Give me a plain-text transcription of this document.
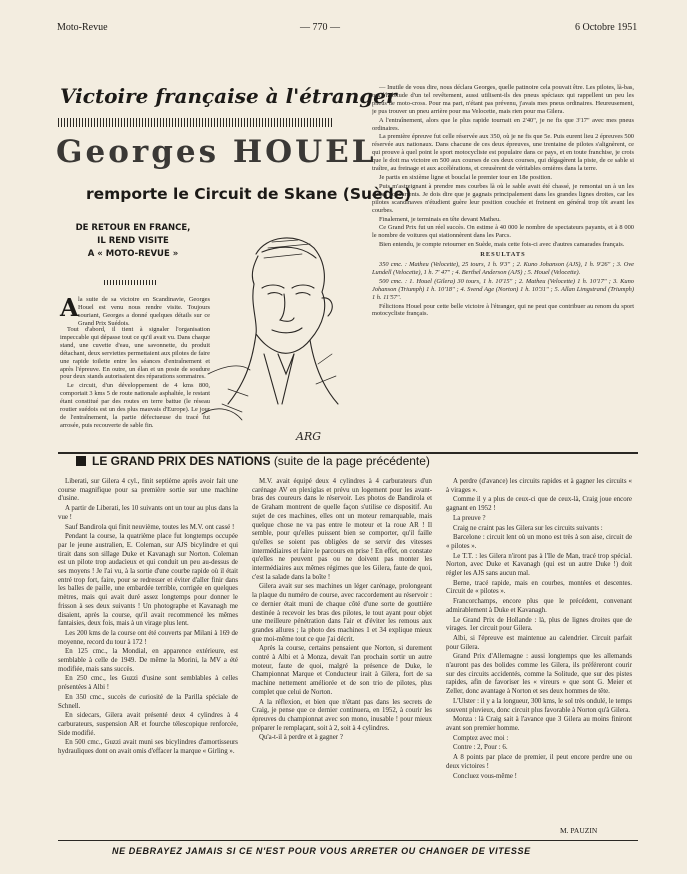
Moto-Revue	— 770 —	6 Octobre 1951
Victoire française à l'étranger
Georges HOUEL
remporte le Circuit de Skane (Suède)
DE RETOUR EN FRANCE,
IL REND VISITE
A « MOTO-REVUE »
ARG
A la suite de sa victoire en Scandinavie, Georges Houel est venu nous rendre visite. Toujours souriant, Georges a donné quelques détails sur ce Grand Prix Suédois.

Tout d'abord, il tient à signaler l'organisation impeccable qui dépasse tout ce qu'il avait vu. Dans chaque stand, une cuvette d'eau, une savonnette, du produit détachant, deux serviettes permettaient aux pilotes de faire une rapide toilette entre les séances d'entraînement et après l'épreuve. En outre, un élan et un poste de soudure pour deux stands autorisaient des réparations sommaires.

Le circuit, d'un développement de 4 kms 800, comportait 3 kms 5 de route nationale asphaltée, le restant étant constitué par des routes en terre battue (le réseau routier suédois est un des plus mauvais d'Europe). Le jour de l'entraînement, la partie défectueuse du tracé fut arrosée, puis recouverte de sable fin.

— Inutile de vous dire, nous déclara Georges, quelle patinoire cela pouvait être. Les pilotes, là-bas, ont l'habitude d'un tel revêtement, aussi utilisent-ils des pneus spéciaux qui rappellent un peu les pneus de moto-cross. Pour ma part, n'étant pas prévenu, j'avais mes pneus ordinaires. Heureusement, je pus trouver un pneu arrière pour ma Velocette, mais rien pour ma Gilera.

A l'entraînement, alors que le plus rapide tournait en 2'40", je ne fis que 3'17" avec mes pneus ordinaires.

La première épreuve fut celle réservée aux 350, où je ne fis que 5e. Puis eurent lieu 2 épreuves 500 réservée aux nationaux. Dans chacune de ces deux épreuves, une trentaine de pilotes s'alignèrent, ce qui prouve à quel point le sport motocycliste est populaire dans ce pays, et en toute franchise, je crois que le doit ma victoire en 500 aux courses de ces deux courses, qui dégagèrent la piste, de ce sable si traître, au freinage et aux accélérations, et creusèrent de véritables ornières dans la terre.

Je partis en sixième ligne et bouclai le premier tour en 18e position.

Puis m'astreignant à prendre mes courbes là où le sable avait été chassé, je remontai un à un les autres concurrents. Je dois dire que je gagnais principalement dans les grandes lignes droites, car les pilotes scandinaves n'étudient guère leur position couchée et freinent en général trop tôt avant les courbes.

Finalement, je terminais en tête devant Matheu.

Ce Grand Prix fut un réel succès. On estime à 40 000 le nombre de spectateurs payants, et à 8 000 le nombre de voitures qui stationnèrent dans les Parcs.

Bien entendu, je compte retourner en Suède, mais cette fois-ci avec d'autres camarades français.

RESULTATS

350 cmc. : Matheu (Velocette), 25 tours, 1 h. 9'3" ; 2. Kuno Johanson (AJS), 1 h. 9'26" ; 3. Ove Lundell (Velocette), 1 h. 7' 47" ; 4. Berthel Anderson (AJS) ; 5. Houel (Velocette).

500 cmc. : 1. Houel (Gilera) 30 tours, 1 h. 10'15" ; 2. Matheu (Velocette) 1 h. 10'17" ; 3. Kuno Johanson (Triumph) 1 h. 10'18" ; 4. Svend Age (Norton) 1 h. 10'31" ; 5. Allan Limgstrand (Triumph) 1 h. 11'57".

Félicitons Houel pour cette belle victoire à l'étranger, qui ne peut que contribuer au renom du sport motocycliste français.

LE GRAND PRIX DES NATIONS (suite de la page précédente)

Liberati, sur Gilera 4 cyl., finit septième après avoir fait une course magnifique pour sa première sortie sur une machine d'usine.

A partir de Liberati, les 10 suivants ont un tour au plus dans la vue !

Sauf Bandirola qui finit neuvième, toutes les M.V. ont cassé !

Pendant la course, la quatrième place fut longtemps occupée par le jeune australien, E. Coleman, sur AJS bicylindre et qui tirait dans son sillage Duke et Kavanagh sur Norton. Coleman est un pilote trop audacieux et qui conduit un peu au-dessus de ses moyens ! Je l'ai vu, à la sortie d'une courbe rapide où il était entré trop fort, faire, pour se redresser et éviter d'aller finir dans les balles de paille, une embardée terrible, corrigée en quelques mètres, mais qui avait duré assez longtemps pour donner le frisson à ses deux suivants ! Un photographe et Kavanagh me disaient, après la course, qu'il avait recommencé les mêmes fantaisies, deux fois, mais à un virage plus lent.

Les 200 kms de la course ont été couverts par Milani à 169 de moyenne, record du tour à 172 !

En 125 cmc., la Mondial, en apparence extérieure, est semblable à celle de 1949. De même la Morini, la MV a été modifiée, mais sans succès.

En 250 cmc., les Guzzi d'usine sont semblables à celles présentées à Albi !

En 350 cmc., succès de curiosité de la Parilla spéciale de Schnell.

En sidecars, Gilera avait présenté deux 4 cylindres à 4 carburateurs, suspension AR et fourche télescopique renforcée, Side modifié.

En 500 cmc., Guzzi avait muni ses bicylindres d'amortisseurs hydrauliques dont on avait omis d'effacer la marque « Girling ».

M.V. avait équipé deux 4 cylindres à 4 carburateurs d'un carénage AV en plexiglas et prévu un logement pour les avant-bras des coureurs dans le réservoir. Les photos de Bandirola et de Graham montrent de quelle façon s'utilise ce dispositif. Au sujet de ces machines, elles ont un moteur remarquable, mais quelque chose ne va pas entre le moteur et la roue AR ! Il semble, pour qu'elles puissent bien se comporter, qu'il faille qu'elles se soient pas obligées de se servir des vitesses intermédiaires et faire le parcours en prise ! En effet, on constate qu'elles ne peuvent pas ou ne doivent pas monter les intermédiaires aux mêmes régimes que les Gilera, faute de quoi, c'est la salade dans la boîte !

Gilera avait sur ses machines un léger carénage, prolongeant la plaque du numéro de course, avec raccordement au réservoir : ce dernier était muni de chaque côté d'une sorte de gouttière destinée à recevoir les bras des pilotes, le tout ayant pour objet une meilleure pénétration dans l'air et d'éviter les remous aux grandes allures ; la photo des machines 1 et 34 explique mieux que moi-même tout ce que j'ai décrit.

Après la course, certains pensaient que Norton, si durement contré à Albi et à Monza, devait l'an prochain sortir un autre moteur, faute de quoi, malgré la présence de Duke, le Championnat Marque et Conducteur irait à Gilera, fort de sa machine nettement améliorée et de son trio de pilotes, plus complet que celui de Norton.

A la réflexion, et bien que n'étant pas dans les secrets de Craig, je pense que ce dernier continuera, en 1952, à courir les épreuves du championnat avec son mono, inusable ! pour mieux préparer le remplaçant, soit à 2, soit à 4 cylindres.

Qu'a-t-il à perdre et à gagner ?

A perdre (d'avance) les circuits rapides et à gagner les circuits « à virages ».

Comme il y a plus de ceux-ci que de ceux-là, Craig joue encore gagnant en 1952 !

La preuve ?

Craig ne craint pas les Gilera sur les circuits suivants :

Barcelone : circuit lent où un mono est très à son aise, circuit de « pilotes ».

Le T.T. : les Gilera n'iront pas à l'Ile de Man, tracé trop spécial. Norton, avec Duke et Kavanagh (qui est un autre Duke !) doit régler les AJS sans aucun mal.

Berne, tracé rapide, mais en courbes, montées et descentes. Circuit de « pilotes ».

Francorchamps, encore plus que le précédent, convenant admirablement à Duke et Kavanagh.

Le Grand Prix de Hollande : là, plus de lignes droites que de virages. 1er circuit pour Gilera.

Albi, si l'épreuve est maintenue au calendrier. Circuit parfait pour Gilera.

Grand Prix d'Allemagne : aussi longtemps que les allemands n'auront pas des bolides comme les Gilera, ils préféreront courir sur des circuits accidentés, comme la Solitude, que sur des pistes rapides, afin de favoriser les « vireurs » que sont G. Meier et Zeller, donc avantage à Norton et ses deux hommes de tête.

L'Ulster : il y a la longueur, 300 kms, le sol très ondulé, le temps souvent pluvieux, donc circuit plus favorable à Norton qu'à Gilera.

Monza : là Craig sait à l'avance que 3 Gilera au moins finiront avant son premier homme.

Comptez avec moi :

Contre : 2, Pour : 6.

A 8 points par place de premier, il peut encore perdre une ou deux victoires !

Concluez vous-même !

M. PAUZIN
NE DEBRAYEZ JAMAIS SI CE N'EST POUR VOUS ARRETER OU CHANGER DE VITESSE
